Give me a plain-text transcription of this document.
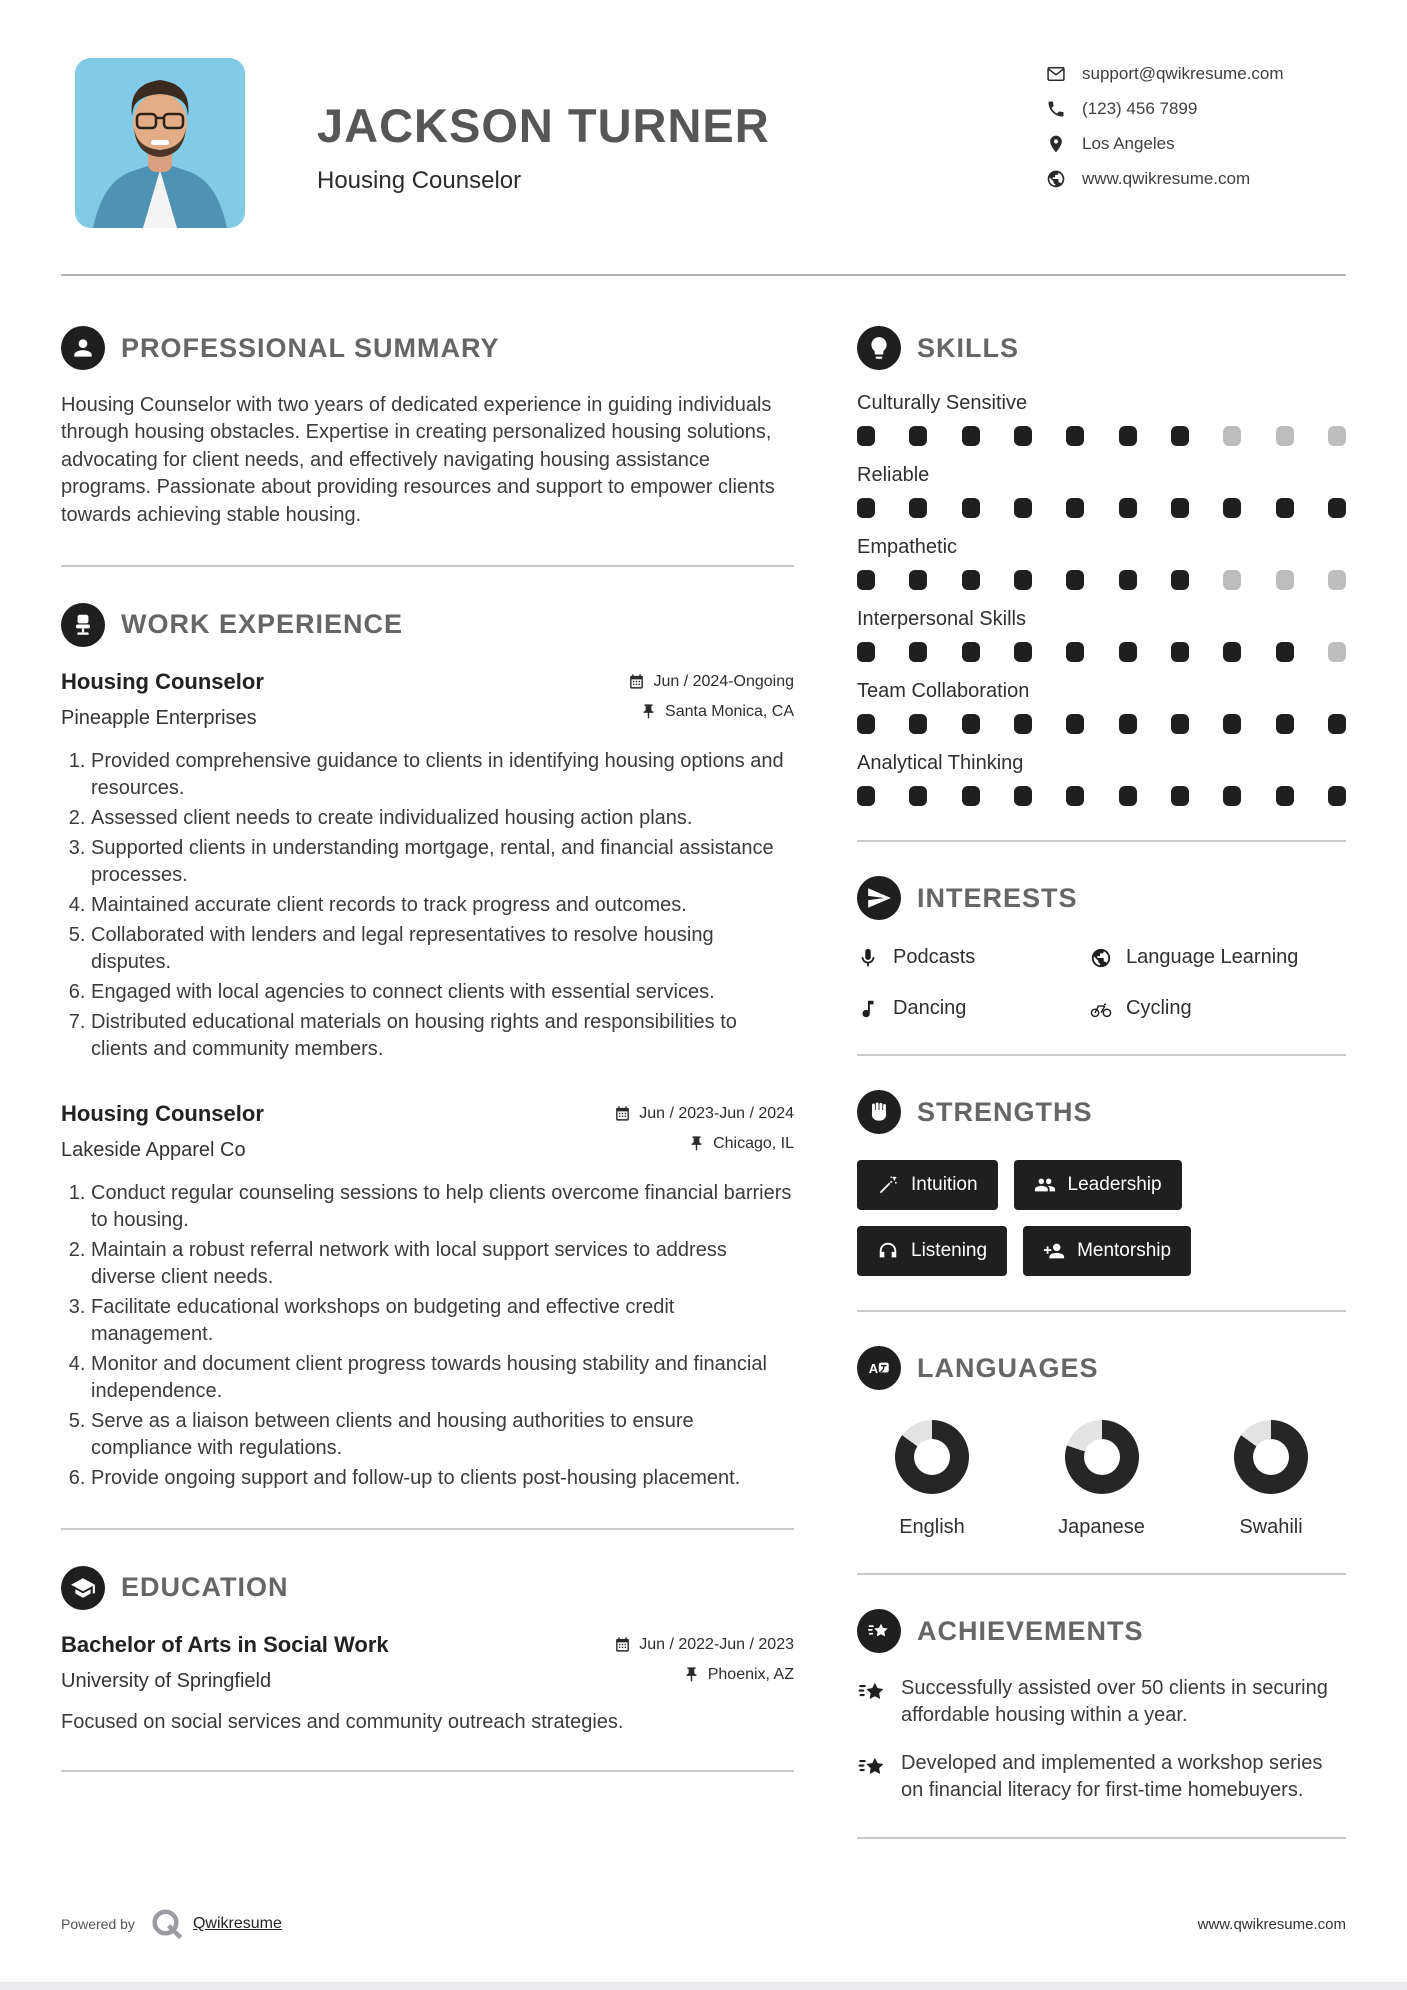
JACKSON TURNER
Housing Counselor
support@qwikresume.com
(123) 456 7899
Los Angeles
www.qwikresume.com
PROFESSIONAL SUMMARY

Housing Counselor with two years of dedicated experience in guiding individuals through housing obstacles. Expertise in creating personalized housing solutions, advocating for client needs, and effectively navigating housing assistance programs. Passionate about providing resources and support to empower clients towards achieving stable housing.

WORK EXPERIENCE
Housing Counselor
Pineapple Enterprises
Jun / 2024-Ongoing
Santa Monica, CA
1. Provided comprehensive guidance to clients in identifying housing options and resources.
2. Assessed client needs to create individualized housing action plans.
3. Supported clients in understanding mortgage, rental, and financial assistance processes.
4. Maintained accurate client records to track progress and outcomes.
5. Collaborated with lenders and legal representatives to resolve housing disputes.
6. Engaged with local agencies to connect clients with essential services.
7. Distributed educational materials on housing rights and responsibilities to clients and community members.
Housing Counselor
Lakeside Apparel Co
Jun / 2023-Jun / 2024
Chicago, IL
1. Conduct regular counseling sessions to help clients overcome financial barriers to housing.
2. Maintain a robust referral network with local support services to address diverse client needs.
3. Facilitate educational workshops on budgeting and effective credit management.
4. Monitor and document client progress towards housing stability and financial independence.
5. Serve as a liaison between clients and housing authorities to ensure compliance with regulations.
6. Provide ongoing support and follow-up to clients post-housing placement.
EDUCATION
Bachelor of Arts in Social Work
University of Springfield
Jun / 2022-Jun / 2023
Phoenix, AZ

Focused on social services and community outreach strategies.

SKILLS
Culturally Sensitive
Reliable
Empathetic
Interpersonal Skills
Team Collaboration
Analytical Thinking
INTERESTS
Podcasts	Language Learning
Dancing	Cycling
STRENGTHS
Intuition	Leadership
Listening	Mentorship
A LANGUAGES
English	Japanese	Swahili
ACHIEVEMENTS

Successfully assisted over 50 clients in securing affordable housing within a year.

Developed and implemented a workshop series on financial literacy for first-time homebuyers.

Powered by	Qwikresume	www.qwikresume.com
